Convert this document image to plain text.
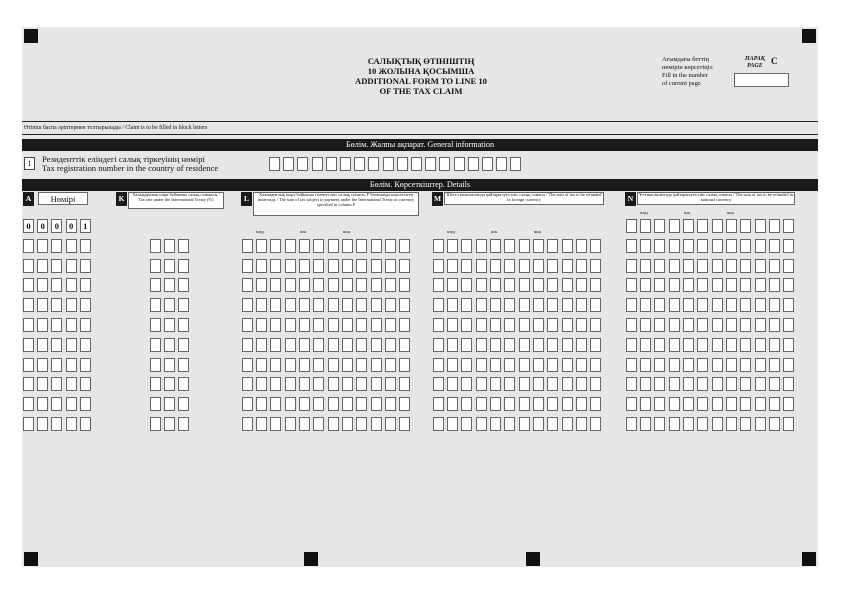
САЛЫҚТЫҚ ӨТІНІШТІҢ
10 ЖОЛЫНА ҚОСЫМША
ADDITIONAL FORM TO LINE 10
OF THE TAX CLAIM
Ағымдағы беттің
нөмірін көрсетіңіз:
Fill in the number
of current page
ПАРАҚ
PAGE С
Өтініш баспа әріптермен толтырылады / Claim is to be filled in block letters
Бөлім. Жалпы ақпарат. General information
1	Резиденттік еліндегі салық тіркеуінің нөмірі
Tax registration number in the country of residence
Бөлім. Көрсеткіштер. Details
A	Нөмірі	K	Халықаралық шарт бойынша салық ставкасы / Tax rate under the International Treaty (%)	L	Халықаралық шарт бойынша төленуі тиіс салық сомасы, F бағанында көрсетілген валютада / The sum of tax subject to payment under the International Treaty in currency specified in column F
M	Шетел валютасында қайтарылуға тиіс салық сомасы / The sum of tax to be refunded in foreign currency	N	Ұлттық валютада қайтарылуға тиіс салық сомасы / The sum of tax to be refunded in national currency
млрд	млн	мың	млрд	млн	мың
млрд	млн	мың
0	0	0	0	1
